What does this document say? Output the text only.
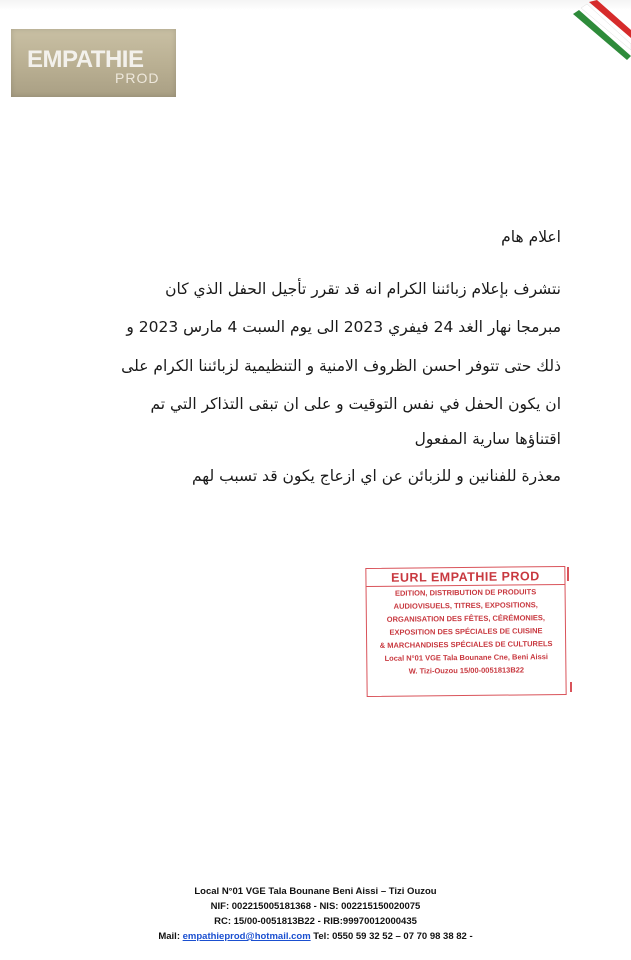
EMPATHIE
PROD
اعلام هام
نتشرف بإعلام زبائننا الكرام انه قد تقرر تأجيل الحفل الذي كان
مبرمجا نهار الغد 24 فيفري 2023 الى يوم السبت 4 مارس 2023 و
ذلك حتى تتوفر احسن الظروف الامنية و التنظيمية لزبائننا الكرام على
ان يكون الحفل في نفس التوقيت و على ان تبقى التذاكر التي تم
اقتناؤها سارية المفعول
معذرة للفنانين و للزبائن عن اي ازعاج يكون قد تسبب لهم
EURL EMPATHIE PROD
EDITION, DISTRIBUTION DE PRODUITS
AUDIOVISUELS, TITRES, EXPOSITIONS,
ORGANISATION DES FÊTES, CÉRÉMONIES,
EXPOSITION DES SPÉCIALES DE CUISINE
& MARCHANDISES SPÉCIALES DE CULTURELS
Local N°01 VGE Tala Bounane Cne, Beni Aissi
W. Tizi-Ouzou 15/00-0051813B22
Local N°01 VGE Tala Bounane Beni Aissi – Tizi Ouzou
NIF: 002215005181368 - NIS: 002215150020075
RC: 15/00-0051813B22 - RIB:99970012000435
Mail: empathieprod@hotmail.com Tel: 0550 59 32 52 – 07 70 98 38 82 -
